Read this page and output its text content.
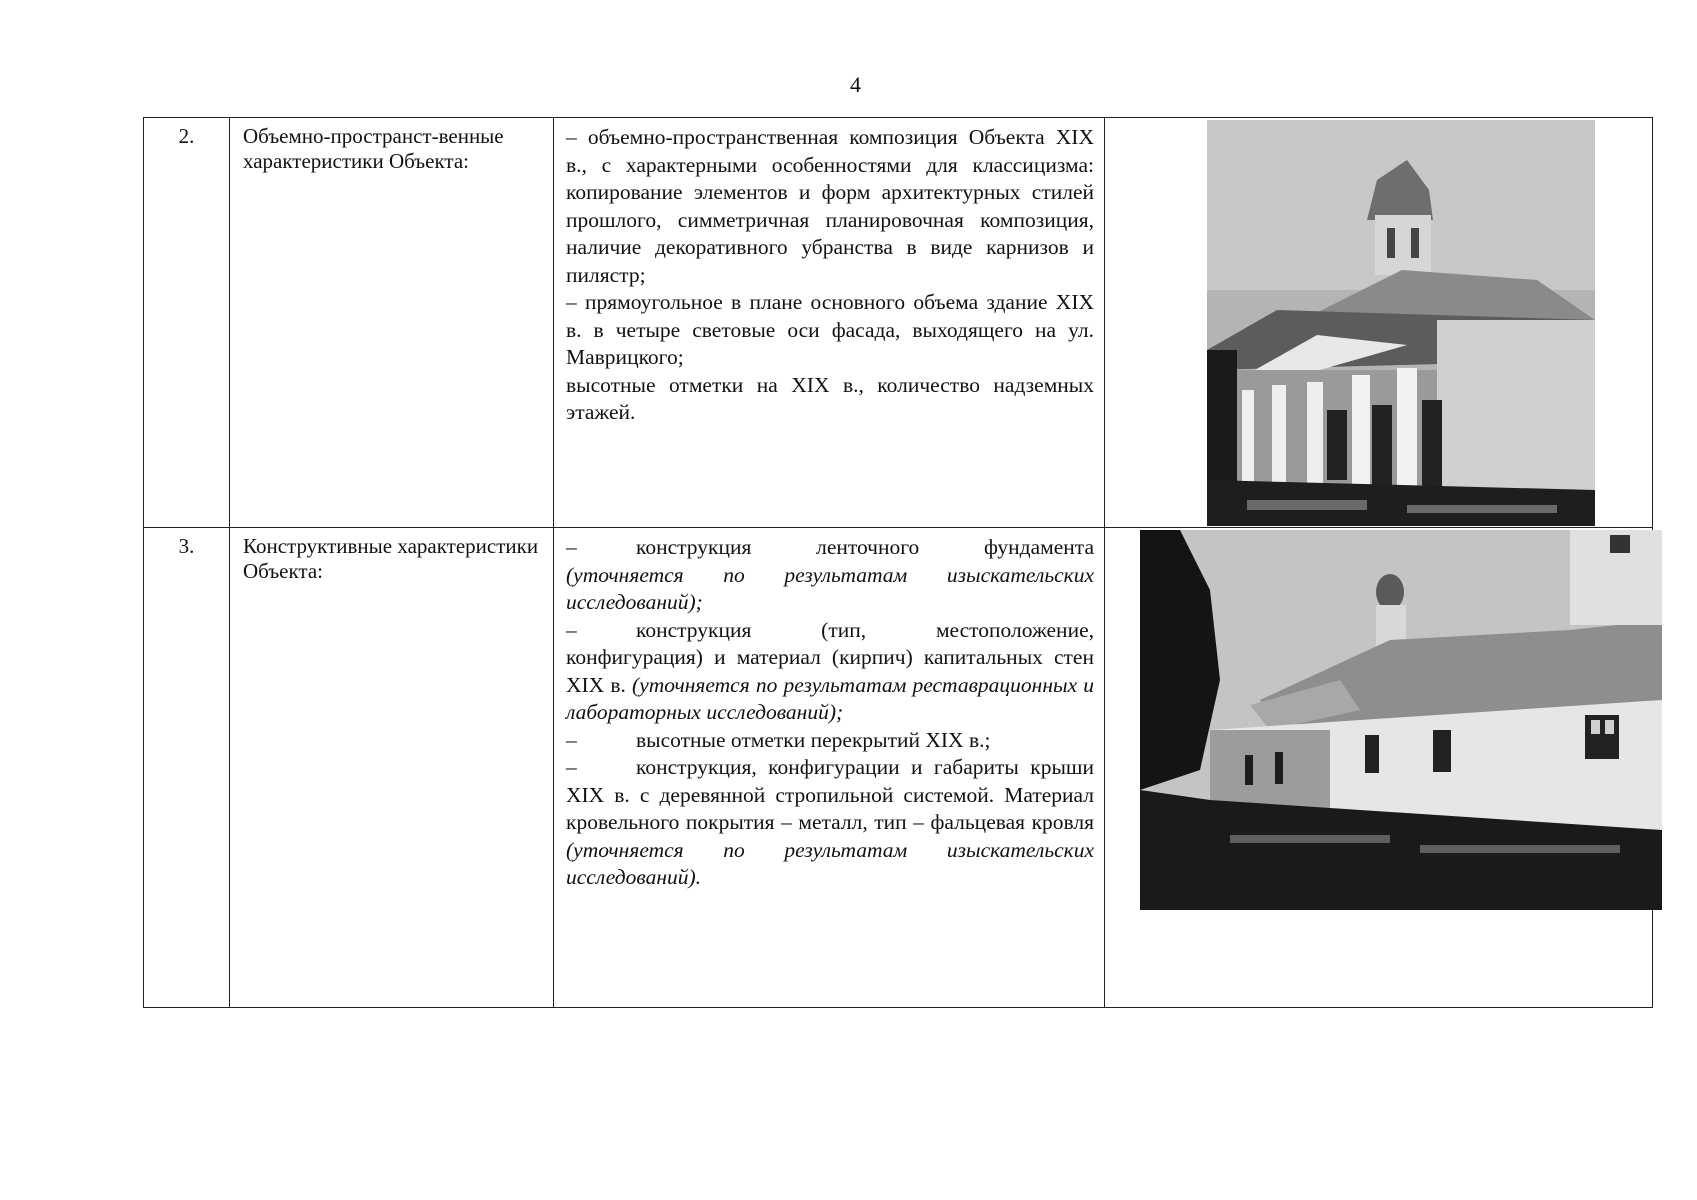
4
2.	Объемно-пространст-венные характеристики Объекта:	– объемно-пространственная композиция Объекта XIX в., с характерными особенностями для классицизма: копирование элементов и форм архитектурных стилей прошлого, симметричная планировочная композиция, наличие декоративного убранства в виде карнизов и пилястр;

– прямоугольное в плане основного объема здание XIX в. в четыре световые оси фасада, выходящего на ул. Маврицкого;

высотные отметки на XIX в., количество надземных этажей.

3.	Конструктивные характеристики Объекта:	– конструкция ленточного фундамента (уточняется по результатам изыскательских исследований);

– конструкция (тип, местоположение, конфигурация) и материал (кирпич) капитальных стен XIX в. (уточняется по результатам реставрационных и лабораторных исследований);

– высотные отметки перекрытий XIX в.;

– конструкция, конфигурации и габариты крыши XIX в. с деревянной стропильной системой. Материал кровельного покрытия – металл, тип – фальцевая кровля (уточняется по результатам изыскательских исследований).
